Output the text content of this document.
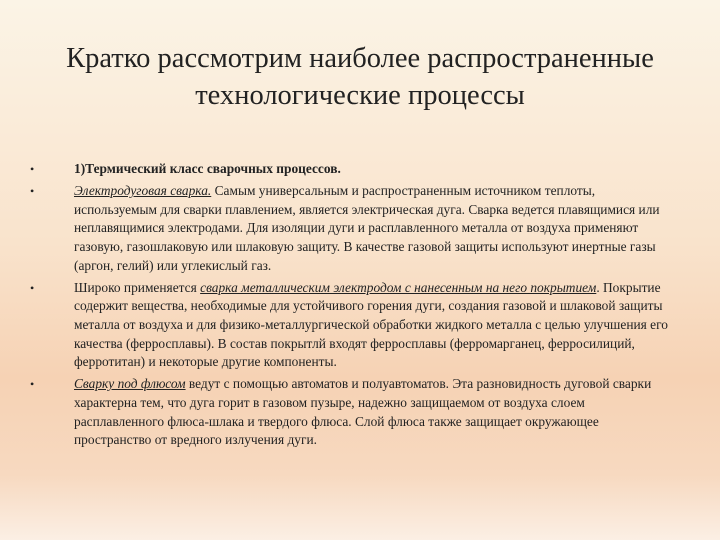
Кратко рассмотрим наиболее распространенные
технологические процессы
•	1)Термический класс сварочных процессов.
•	Электродуговая сварка. Самым универсальным и распространенным источником теплоты, используемым для сварки плавлением, является электрическая дуга. Сварка ведется плавящимися или неплавящимися электродами. Для изоляции дуги и расплавленного металла от воздуха применяют газовую, газошлаковую или шлаковую защиту. В качестве газовой защиты используют инертные газы (аргон, гелий) или углекислый газ.
•	Широко применяется сварка металлическим электродом с нанесенным на него покрытием. Покрытие содержит вещества, необходимые для устойчивого горения дуги, создания газовой и шлаковой защиты металла от воздуха и для физико-металлургической обработки жидкого металла с целью улучшения его качества (ферросплавы). В состав покрытлй входят ферросплавы (ферромарганец, ферросилиций, ферротитан) и некоторые другие компоненты.
•	Сварку под флюсом ведут с помощью автоматов и полуавтоматов. Эта разновидность дуговой сварки характерна тем, что дуга горит в газовом пузыре, надежно защищаемом от воздуха слоем расплавленного флюса-шлака и твердого флюса. Слой флюса также защищает окружающее пространство от вредного излучения дуги.
